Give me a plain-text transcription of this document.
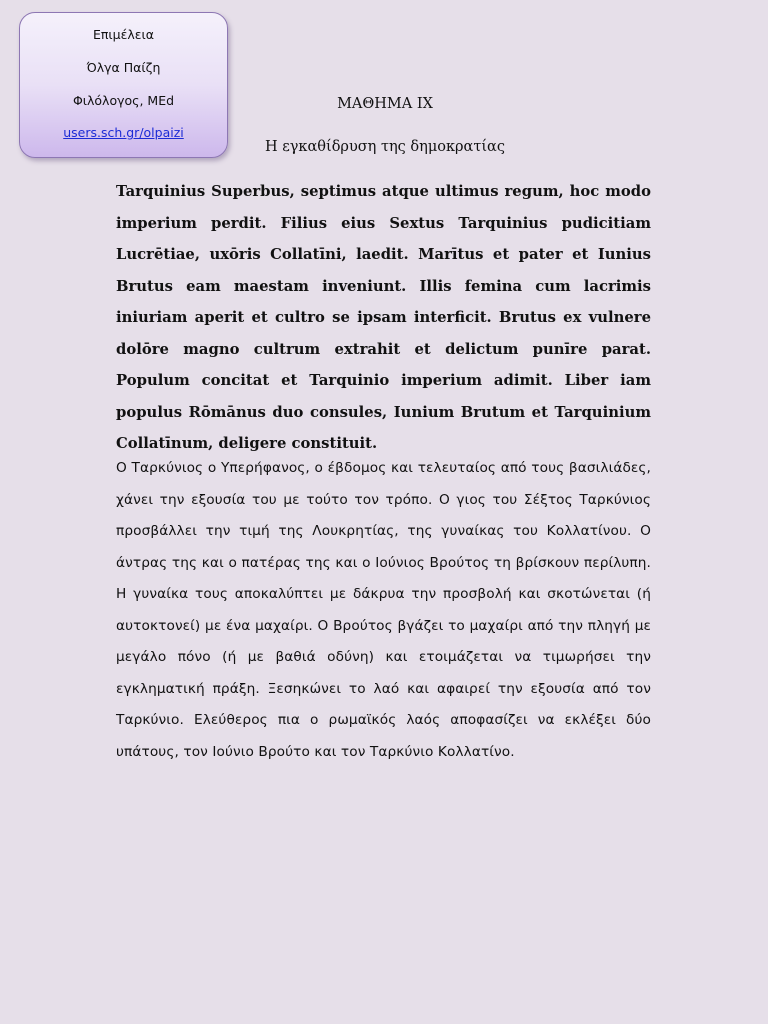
Επιμέλεια
Όλγα Παίζη
Φιλόλογος, MEd
users.sch.gr/olpaizi
ΜΑΘΗΜΑ IX
Η εγκαθίδρυση της δημοκρατίας

Tarquinius Superbus, septimus atque ultimus regum, hoc modo imperium perdit. Filius eius Sextus Tarquinius pudicitiam Lucrētiae, uxōris Collatīni, laedit. Marītus et pater et Iunius Brutus eam maestam inveniunt. Illis femina cum lacrimis iniuriam aperit et cultro se ipsam interficit. Brutus ex vulnere dolōre magno cultrum extrahit et delictum punīre parat. Populum concitat et Tarquinio imperium adimit. Liber iam populus Rōmānus duo consules, Iunium Brutum et Tarquinium Collatīnum, deligere constituit.

Ο Ταρκύνιος ο Υπερήφανος, ο έβδομος και τελευταίος από τους βασιλιάδες, χάνει την εξουσία του με τούτο τον τρόπο. Ο γιος του Σέξτος Ταρκύνιος προσβάλλει την τιμή της Λουκρητίας, της γυναίκας του Κολλατίνου. Ο άντρας της και ο πατέρας της και ο Ιούνιος Βρούτος τη βρίσκουν περίλυπη. Η γυναίκα τους αποκαλύπτει με δάκρυα την προσβολή και σκοτώνεται (ή αυτοκτονεί) με ένα μαχαίρι. Ο Βρούτος βγάζει το μαχαίρι από την πληγή με μεγάλο πόνο (ή με βαθιά οδύνη) και ετοιμάζεται να τιμωρήσει την εγκληματική πράξη. Ξεσηκώνει το λαό και αφαιρεί την εξουσία από τον Ταρκύνιο. Ελεύθερος πια ο ρωμαϊκός λαός αποφασίζει να εκλέξει δύο υπάτους, τον Ιούνιο Βρούτο και τον Ταρκύνιο Κολλατίνο.
